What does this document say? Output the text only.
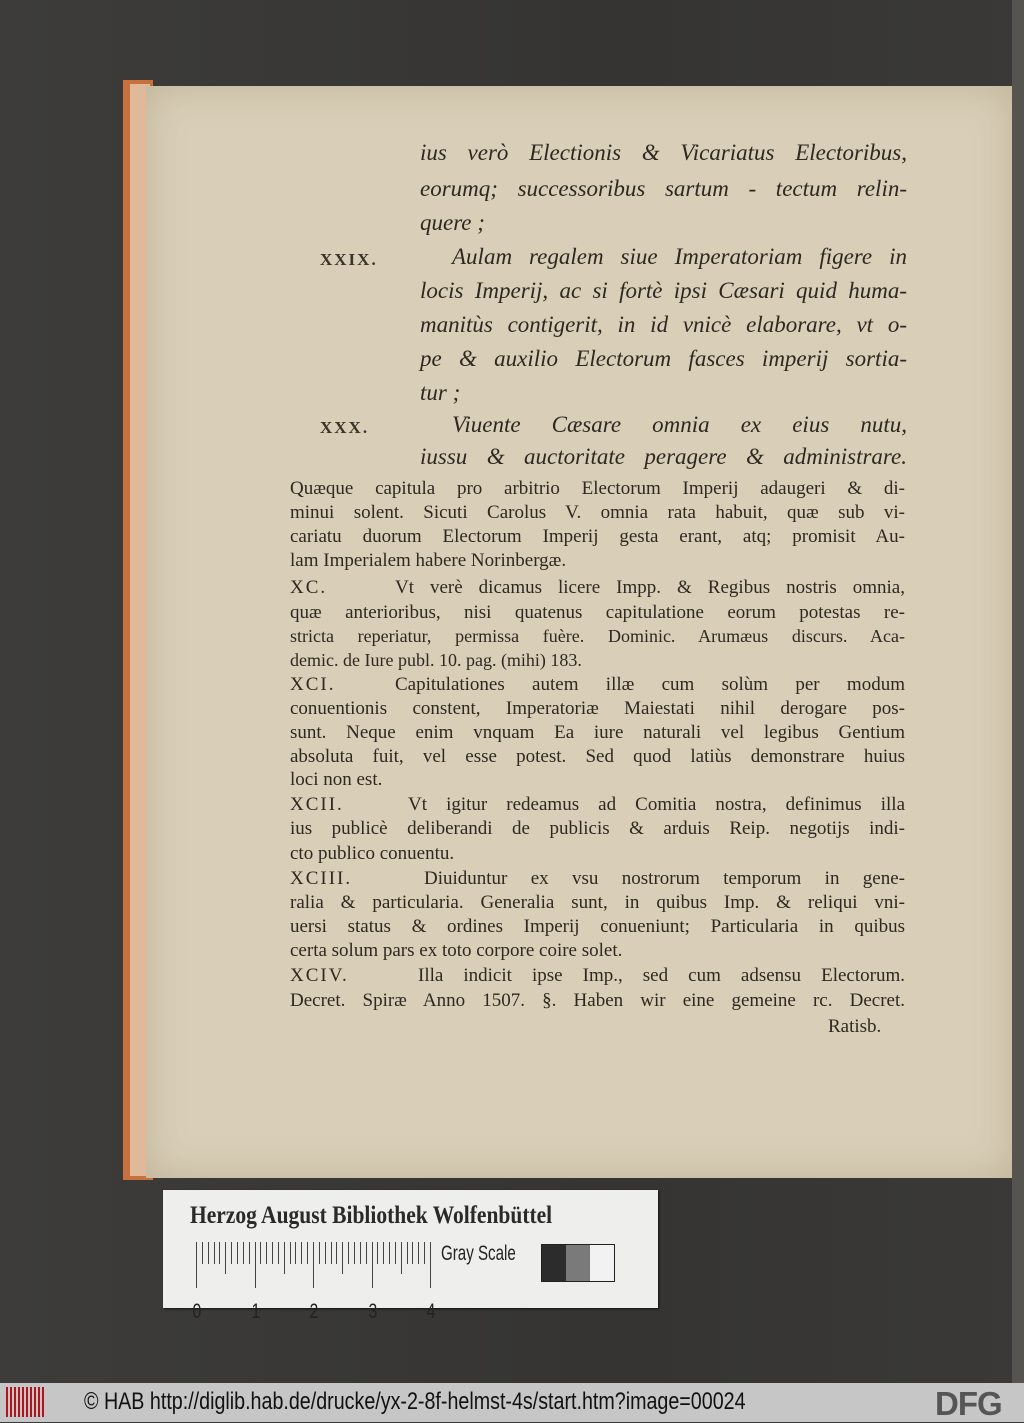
ius verò Electionis & Vicariatus Electoribus,
eorumq; successoribus sartum - tectum relin-
quere ;
Aulam regalem siue Imperatoriam figere in
XXIX.
locis Imperij, ac si fortè ipsi Cæsari quid huma-
manitùs contigerit, in id vnicè elaborare, vt o-
pe & auxilio Electorum fasces imperij sortia-
tur ;
Viuente Cæsare omnia ex eius nutu,
XXX.
iussu & auctoritate peragere & administrare.
Quæque capitula pro arbitrio Electorum Imperij adaugeri & di-
minui solent. Sicuti Carolus V. omnia rata habuit, quæ sub vi-
cariatu duorum Electorum Imperij gesta erant, atq; promisit Au-
lam Imperialem habere Norinbergæ.
Vt verè dicamus licere Impp. & Regibus nostris omnia,
XC.
quæ anterioribus, nisi quatenus capitulatione eorum potestas re-
stricta reperiatur, permissa fuère. Dominic. Arumæus discurs. Aca-
demic. de Iure publ. 10. pag. (mihi) 183.
Capitulationes autem illæ cum solùm per modum
XCI.
conuentionis constent, Imperatoriæ Maiestati nihil derogare pos-
sunt. Neque enim vnquam Ea iure naturali vel legibus Gentium
absoluta fuit, vel esse potest. Sed quod latiùs demonstrare huius
loci non est.
Vt igitur redeamus ad Comitia nostra, definimus illa
XCII.
ius publicè deliberandi de publicis & arduis Reip. negotijs indi-
cto publico conuentu.
Diuiduntur ex vsu nostrorum temporum in gene-
XCIII.
ralia & particularia. Generalia sunt, in quibus Imp. & reliqui vni-
uersi status & ordines Imperij conueniunt; Particularia in quibus
certa solum pars ex toto corpore coire solet.
Illa indicit ipse Imp., sed cum adsensu Electorum.
XCIV.
Decret. Spiræ Anno 1507. §. Haben wir eine gemeine rc. Decret.
Ratisb.
Herzog August Bibliothek Wolfenbüttel
0 1 2 3 4
Gray Scale
© HAB http://diglib.hab.de/drucke/yx-2-8f-helmst-4s/start.htm?image=00024	DFG
